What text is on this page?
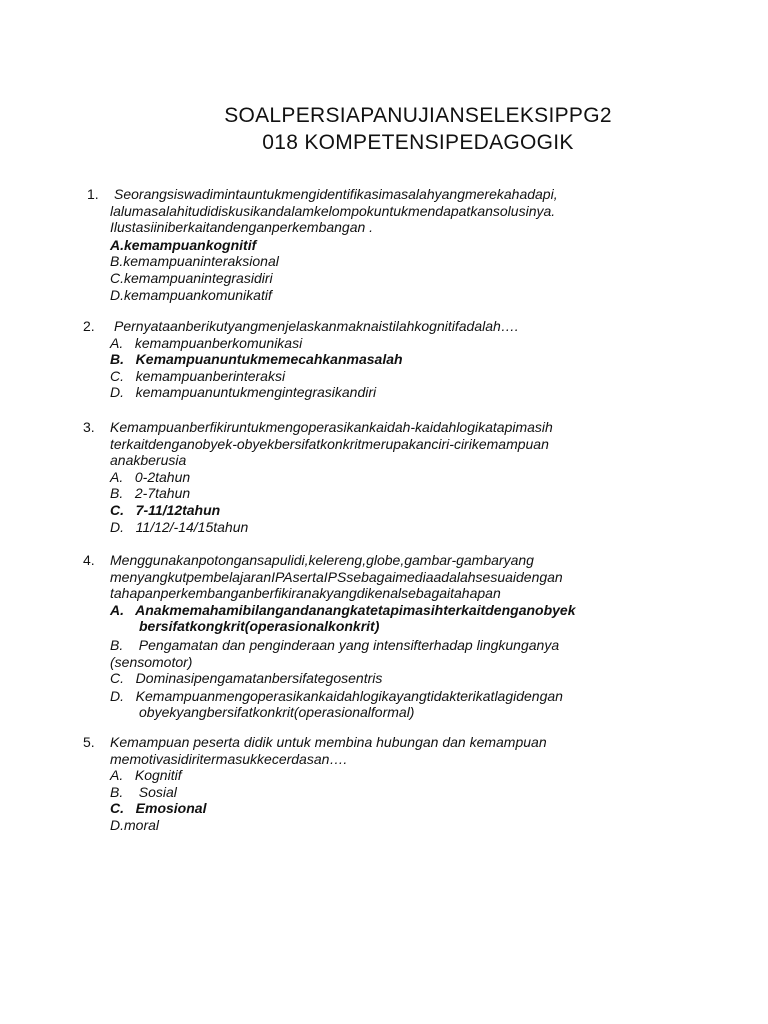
SOALPERSIAPANUJIANSELEKSIPPG2
018 KOMPETENSIPEDAGOGIK
1. Seorangsiswadimintauntukmengidentifikasimasalahyangmerekahadapi,
lalumasalahitudidiskusikandalamkelompokuntukmendapatkansolusinya.
Ilustasiiniberkaitandenganperkembangan .
A.kemampuankognitif
B.kemampuaninteraksional
C.kemampuanintegrasidiri
D.kemampuankomunikatif
2. Pernyataanberikutyangmenjelaskanmaknaistilahkognitifadalah….
A.   kemampuanberkomunikasi
B.   Kemampuanuntukmemecahkanmasalah
C.   kemampuanberinteraksi
D.   kemampuanuntukmengintegrasikandiri
3. Kemampuanberfikiruntukmengoperasikankaidah-kaidahlogikatapimasih
terkaitdenganobyek-obyekbersifatkonkritmerupakanciri-cirikemampuan
anakberusia
A.   0-2tahun
B.   2-7tahun
C.   7-11/12tahun
D.   11/12/-14/15tahun
4. Menggunakanpotongansapulidi,kelereng,globe,gambar-gambaryang
menyangkutpembelajaranIPAsertaIPSsebagaimediaadalahsesuaidengan
tahapanperkembanganberfikiranakyangdikenalsebagaitahapan
A.   Anakmemahamibilangandanangkatetapimasihterkaitdenganobyek bersifatkongkrit(operasionalkonkrit)
B.    Pengamatan dan penginderaan yang intensifterhadap lingkunganya (sensomotor)
C.   Dominasipengamatanbersifategosentris
D.   Kemampuanmengoperasikankaidahlogikayangtidakterikatlagidengan obyekyangbersifatkonkrit(operasionalformal)
5. Kemampuan peserta didik untuk membina hubungan dan kemampuan
memotivasidiritermasukkecerdasan….
A.   Kognitif
B.    Sosial
C.   Emosional
D.moral
